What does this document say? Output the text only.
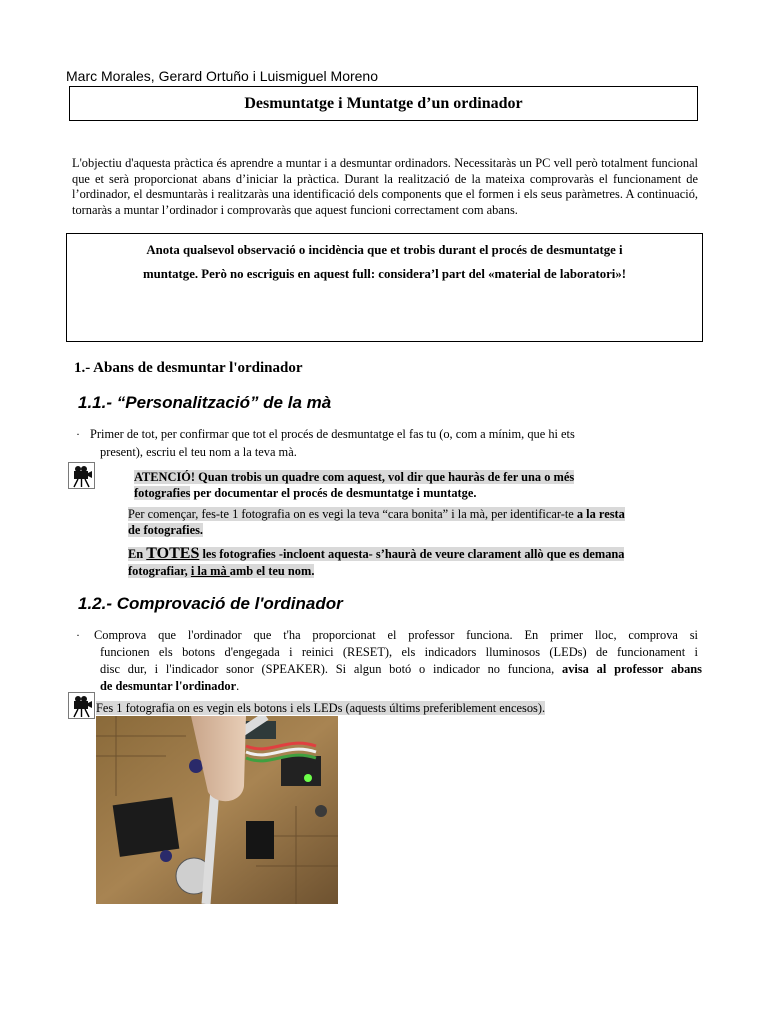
Marc Morales, Gerard Ortuño i Luismiguel Moreno
Desmuntatge i Muntatge d’un ordinador
L'objectiu d'aquesta pràctica és aprendre a muntar i a desmuntar ordinadors. Necessitaràs un PC vell però totalment funcional que et serà proporcionat abans d’iniciar la pràctica. Durant la realització de la mateixa comprovaràs el funcionament de l’ordinador, el desmuntaràs i realitzaràs una identificació dels components que el formen i els seus paràmetres. A continuació, tornaràs a muntar l’ordinador i comprovaràs que aquest funcioni correctament com abans.
Anota qualsevol observació o incidència que et trobis durant el procés de desmuntatge i
muntatge. Però no escriguis en aquest full: considera’l part del «material de laboratori»!
1.- Abans de desmuntar l'ordinador
1.1.- “Personalització” de la mà
· Primer de tot, per confirmar que tot el procés de desmuntatge el fas tu (o, com a mínim, que hi ets
present), escriu el teu nom a la teva mà.
ATENCIÓ! Quan trobis un quadre com aquest, vol dir que hauràs de fer una o més
fotografies per documentar el procés de desmuntatge i muntatge.
Per començar, fes-te 1 fotografia on es vegi la teva “cara bonita” i la mà, per identificar-te a la resta
de fotografies.
En TOTES les fotografies -incloent aquesta- s’haurà de veure clarament allò que es demana
fotografiar, i la mà amb el teu nom.
1.2.- Comprovació de l'ordinador
· Comprova que l'ordinador que t'ha proporcionat el professor funciona. En primer lloc, comprova si
funcionen els botons d'engegada i reinici (RESET), els indicadors lluminosos (LEDs) de funcionament i
disc dur, i l'indicador sonor (SPEAKER). Si algun botó o indicador no funciona, avisa al professor abans
de desmuntar l'ordinador.
Fes 1 fotografia on es vegin els botons i els LEDs (aquests últims preferiblement encesos).
